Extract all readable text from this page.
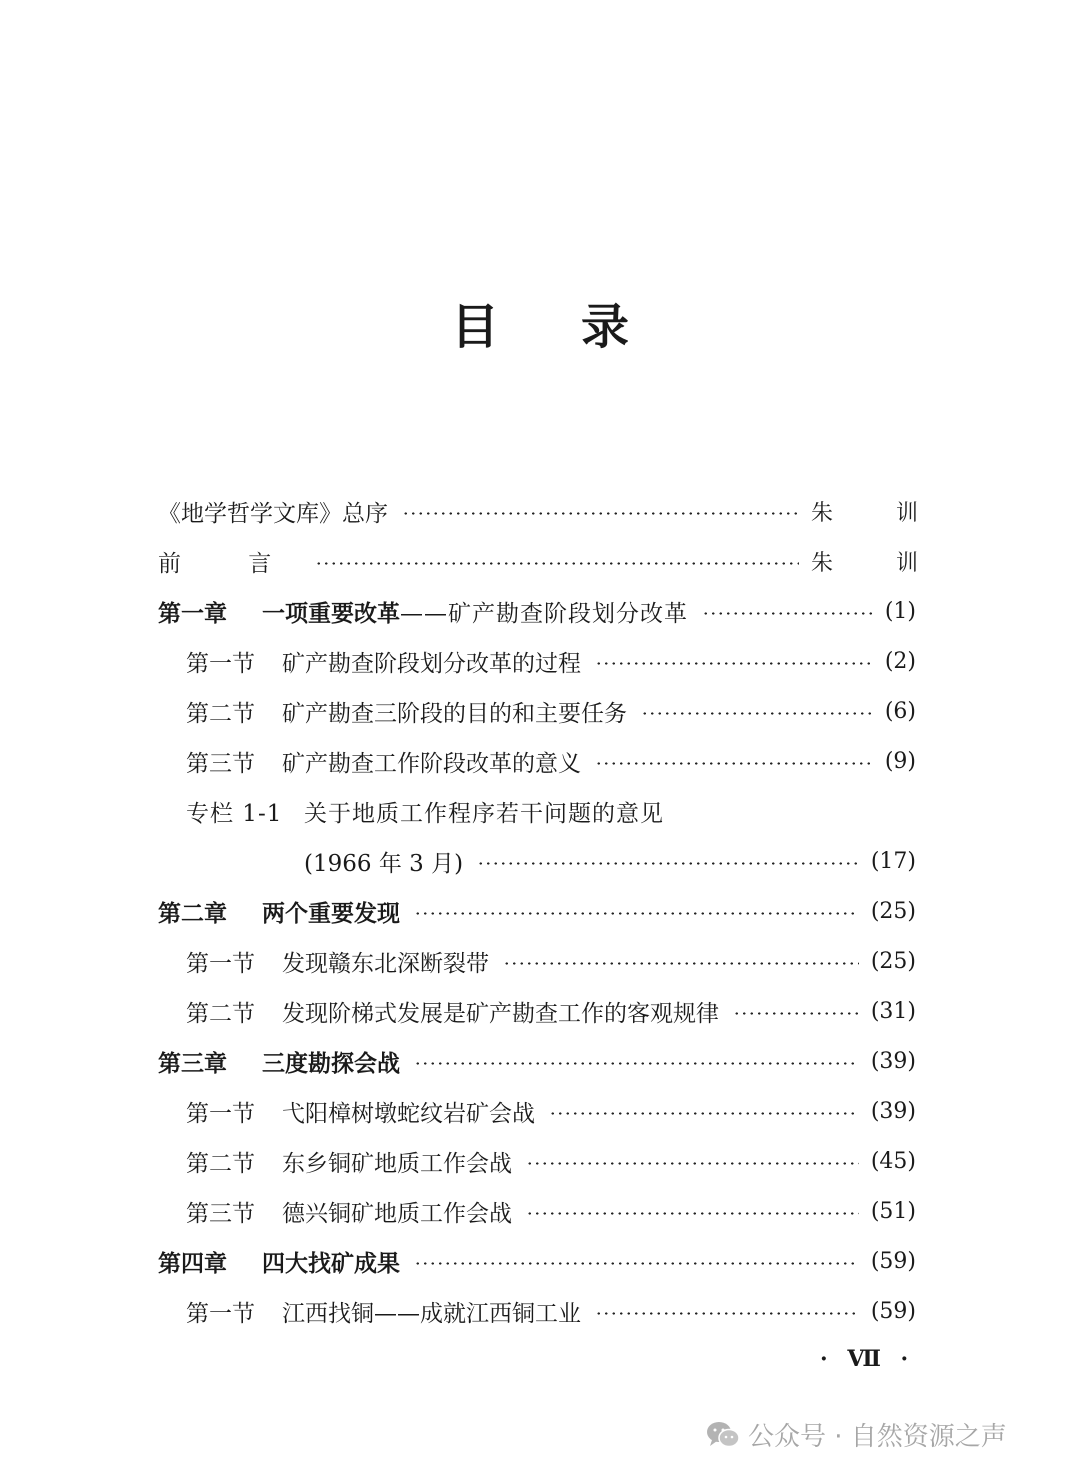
目 录
《地学哲学文库》总序	朱 训
前 言	朱 训
第一章	一项重要改革 ——矿产勘查阶段划分改革	(1)
第一节	矿产勘查阶段划分改革的过程	(2)
第二节	矿产勘查三阶段的目的和主要任务	(6)
第三节	矿产勘查工作阶段改革的意义	(9)
专栏 1-1 关于地质工作程序若干问题的意见
(1966 年 3 月)	(17)
第二章	两个重要发现	(25)
第一节	发现赣东北深断裂带	(25)
第二节	发现阶梯式发展是矿产勘查工作的客观规律	(31)
第三章	三度勘探会战	(39)
第一节	弋阳樟树墩蛇纹岩矿会战	(39)
第二节	东乡铜矿地质工作会战	(45)
第三节	德兴铜矿地质工作会战	(51)
第四章	四大找矿成果	(59)
第一节	江西找铜——成就江西铜工业	(59)
· Ⅶ ·
公众号 · 自然资源之声
